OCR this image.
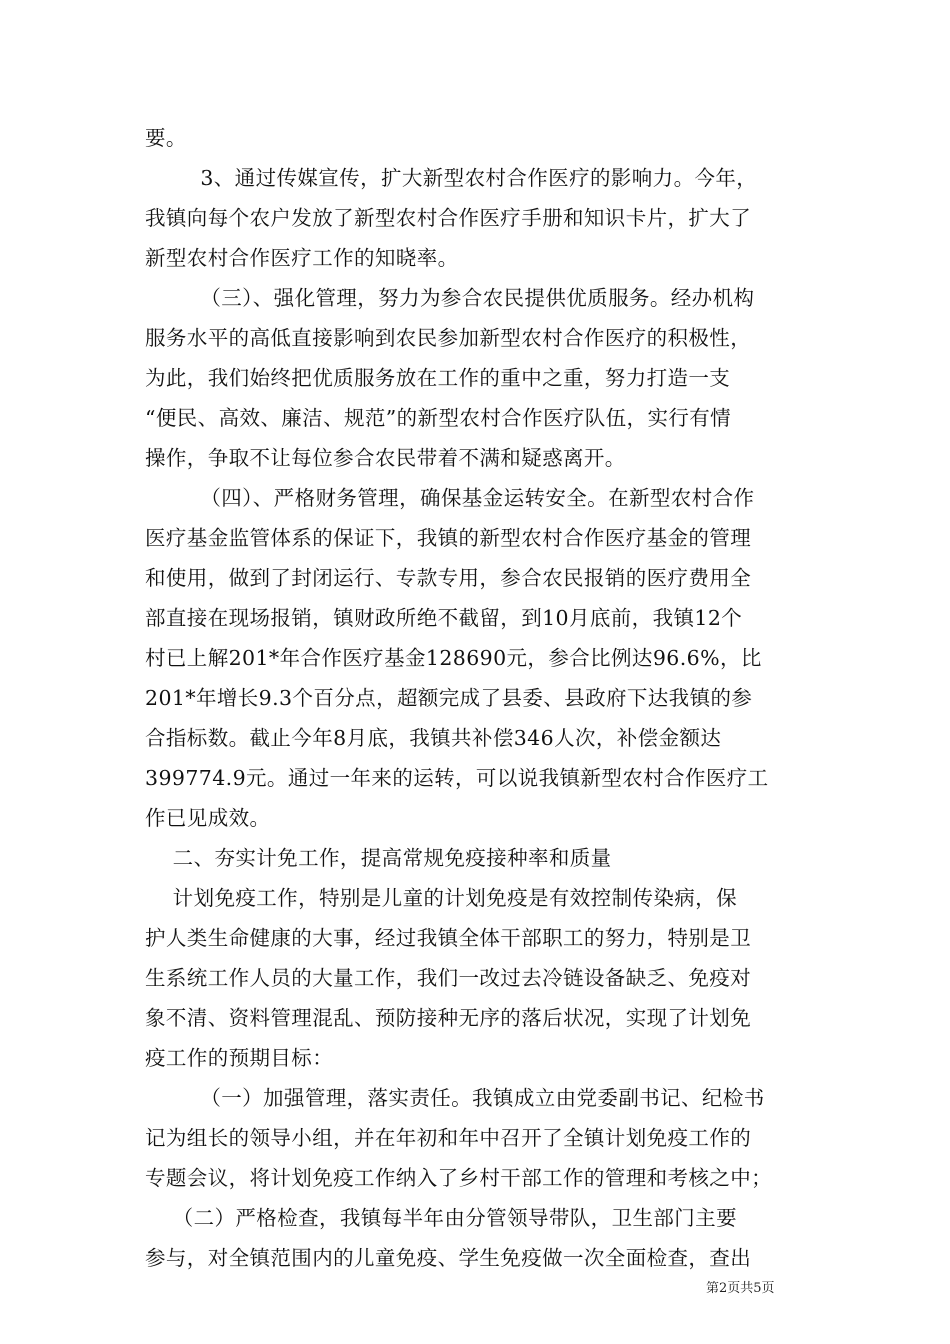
要。
3、通过传媒宣传，扩大新型农村合作医疗的影响力。今年，
我镇向每个农户发放了新型农村合作医疗手册和知识卡片，扩大了
新型农村合作医疗工作的知晓率。
（三）、强化管理，努力为参合农民提供优质服务。经办机构
服务水平的高低直接影响到农民参加新型农村合作医疗的积极性，
为此，我们始终把优质服务放在工作的重中之重，努力打造一支
“便民、高效、廉洁、规范”的新型农村合作医疗队伍，实行有情
操作，争取不让每位参合农民带着不满和疑惑离开。
（四）、严格财务管理，确保基金运转安全。在新型农村合作
医疗基金监管体系的保证下，我镇的新型农村合作医疗基金的管理
和使用，做到了封闭运行、专款专用，参合农民报销的医疗费用全
部直接在现场报销，镇财政所绝不截留，到10月底前，我镇12个
村已上解201*年合作医疗基金128690元，参合比例达96.6%，比
201*年增长9.3个百分点，超额完成了县委、县政府下达我镇的参
合指标数。截止今年8月底，我镇共补偿346人次，补偿金额达
399774.9元。通过一年来的运转，可以说我镇新型农村合作医疗工
作已见成效。
二、夯实计免工作，提高常规免疫接种率和质量
计划免疫工作，特别是儿童的计划免疫是有效控制传染病，保
护人类生命健康的大事，经过我镇全体干部职工的努力，特别是卫
生系统工作人员的大量工作，我们一改过去冷链设备缺乏、免疫对
象不清、资料管理混乱、预防接种无序的落后状况，实现了计划免
疫工作的预期目标：
（一）加强管理，落实责任。我镇成立由党委副书记、纪检书
记为组长的领导小组，并在年初和年中召开了全镇计划免疫工作的
专题会议，将计划免疫工作纳入了乡村干部工作的管理和考核之中；
（二）严格检查，我镇每半年由分管领导带队，卫生部门主要
参与，对全镇范围内的儿童免疫、学生免疫做一次全面检查，查出
第2页共5页
